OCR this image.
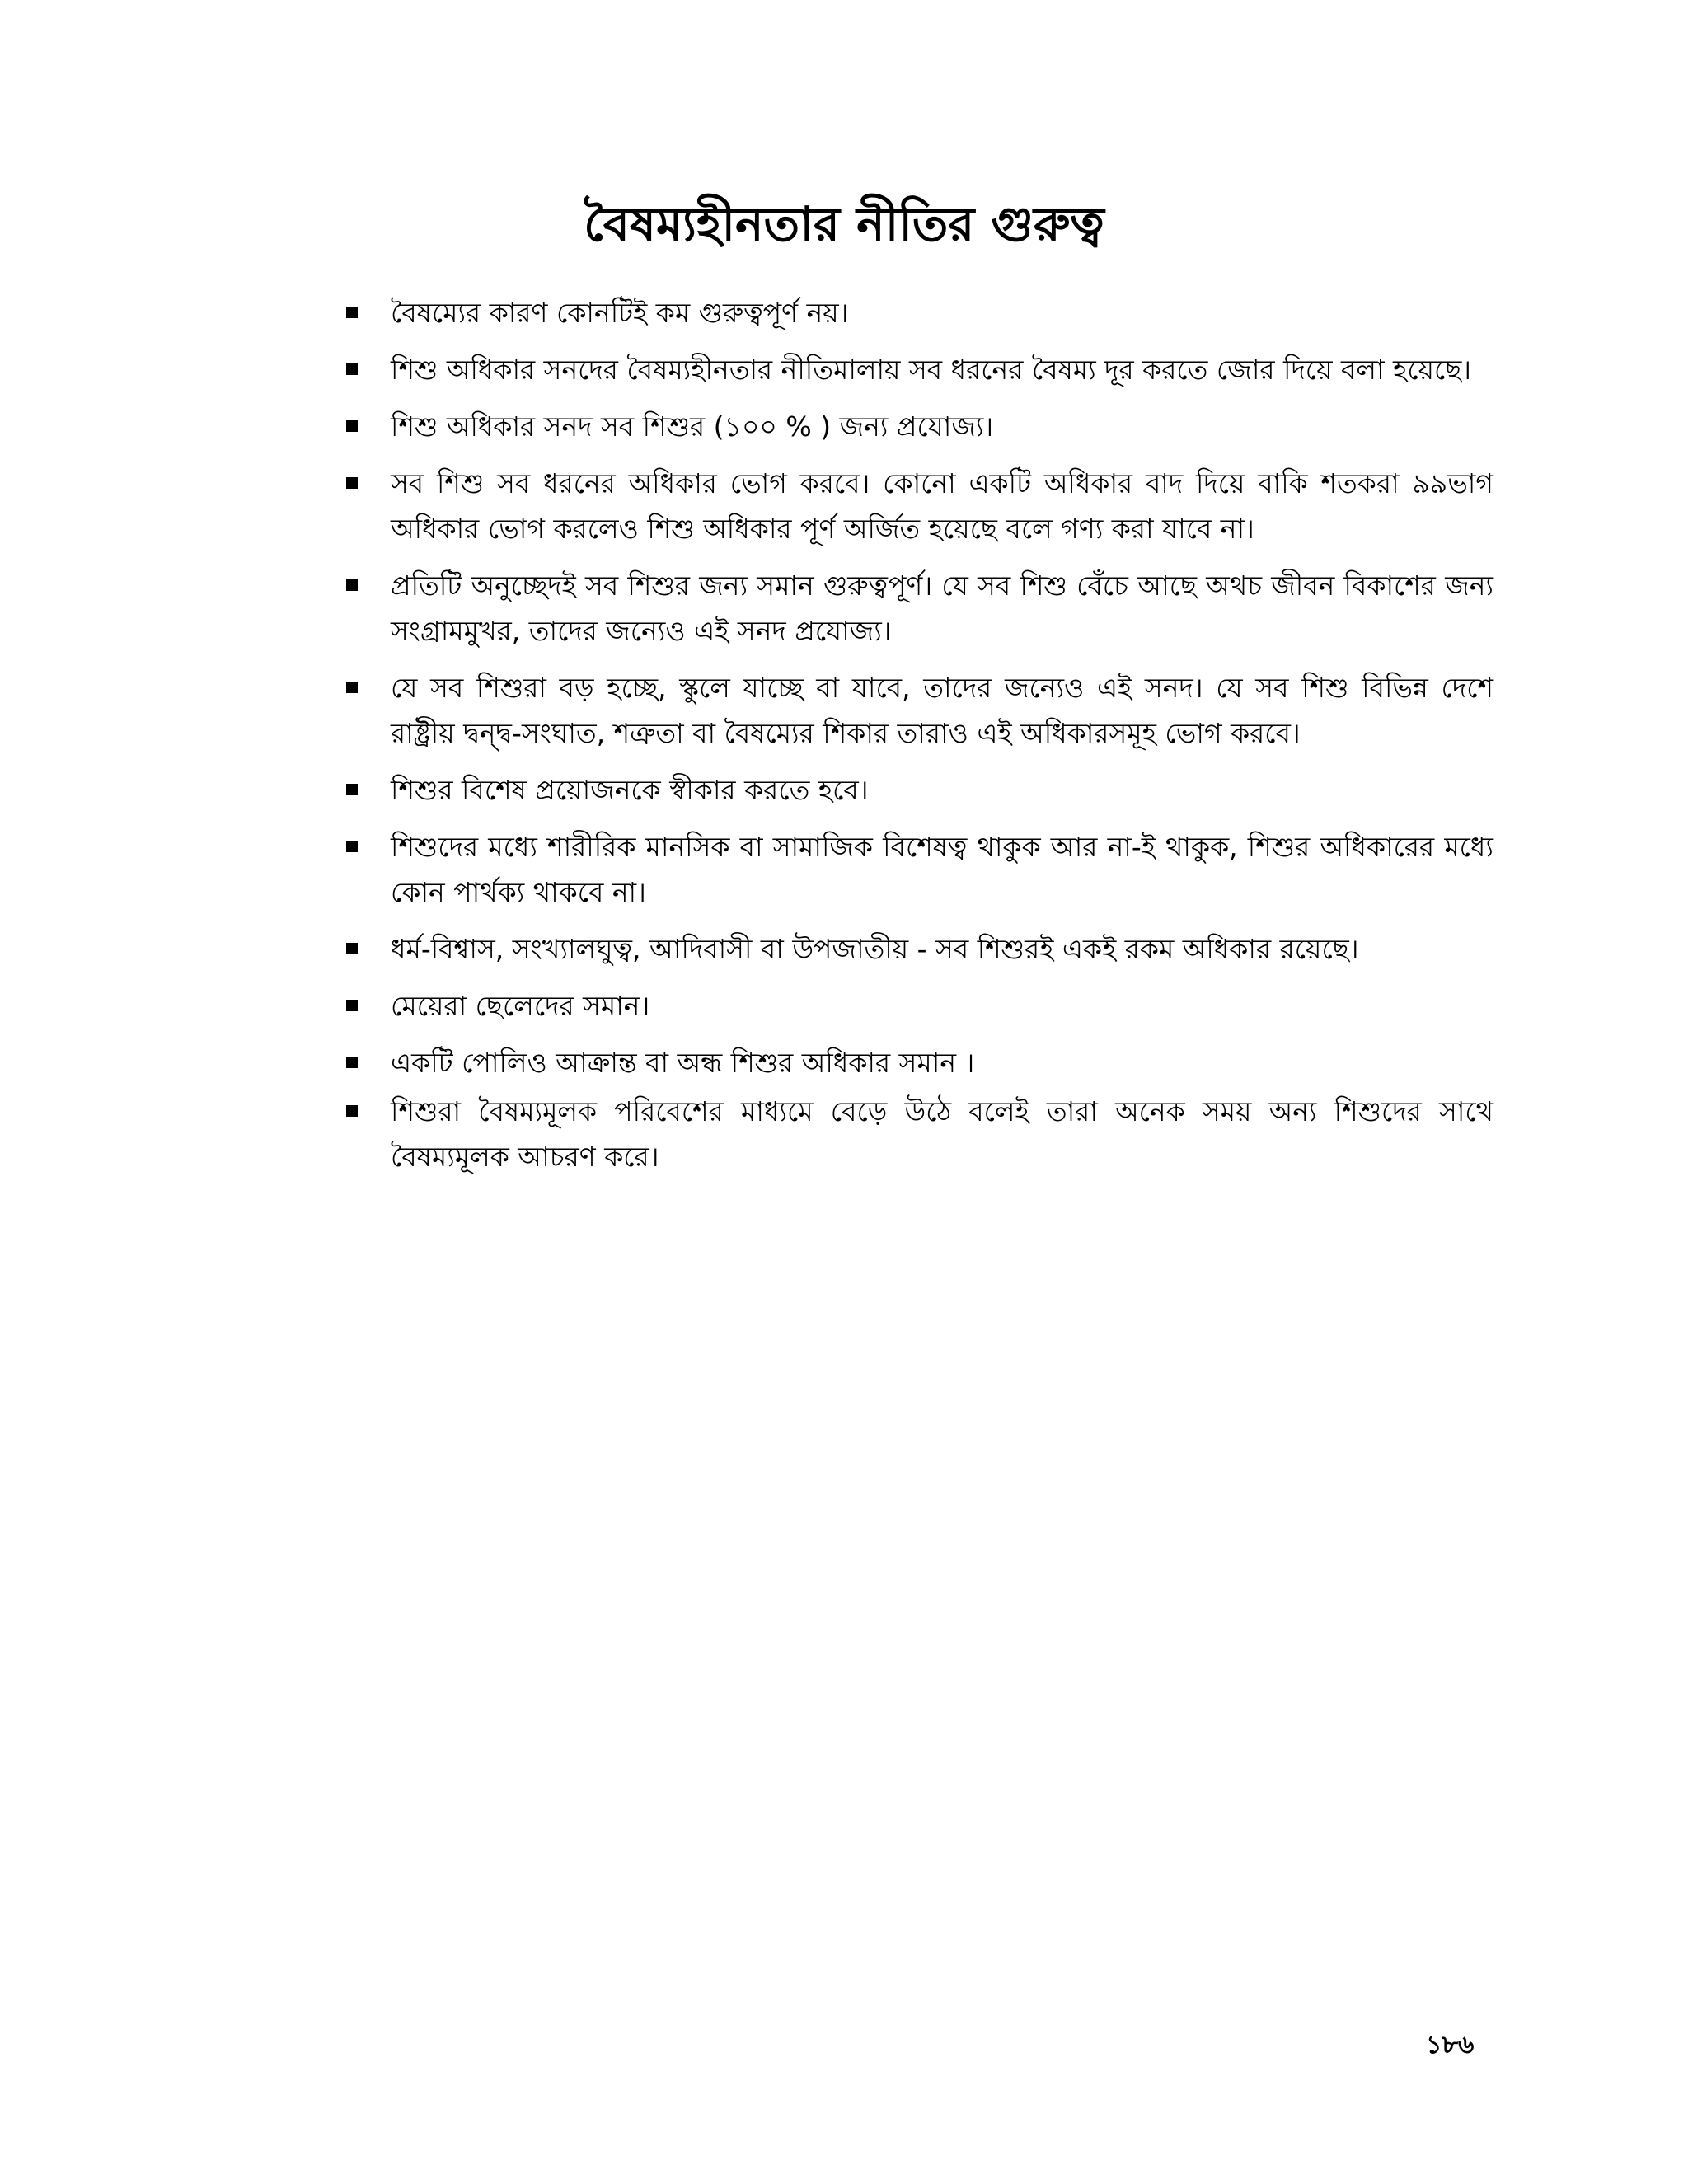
বৈষম্যহীনতার নীতির গুরুত্ব
বৈষম্যের কারণ কোনটিই কম গুরুত্বপূর্ণ নয়।
শিশু অধিকার সনদের বৈষম্যহীনতার নীতিমালায় সব ধরনের বৈষম্য দূর করতে জোর দিয়ে বলা হয়েছে।
শিশু অধিকার সনদ সব শিশুর (১০০ % ) জন্য প্রযোজ্য।
সব শিশু সব ধরনের অধিকার ভোগ করবে। কোনো একটি অধিকার বাদ দিয়ে বাকি শতকরা ৯৯ভাগ অধিকার ভোগ করলেও শিশু অধিকার পূর্ণ অর্জিত হয়েছে বলে গণ্য করা যাবে না।
প্রতিটি অনুচ্ছেদই সব শিশুর জন্য সমান গুরুত্বপূর্ণ। যে সব শিশু বেঁচে আছে অথচ জীবন বিকাশের জন্য সংগ্রামমুখর, তাদের জন্যেও এই সনদ প্রযোজ্য।
যে সব শিশুরা বড় হচ্ছে, স্কুলে যাচ্ছে বা যাবে, তাদের জন্যেও এই সনদ। যে সব শিশু বিভিন্ন দেশে রাষ্ট্রীয় দ্বন্দ্ব-সংঘাত, শত্রুতা বা বৈষম্যের শিকার তারাও এই অধিকারসমূহ ভোগ করবে।
শিশুর বিশেষ প্রয়োজনকে স্বীকার করতে হবে।
শিশুদের মধ্যে শারীরিক মানসিক বা সামাজিক বিশেষত্ব থাকুক আর না-ই থাকুক, শিশুর অধিকারের মধ্যে কোন পার্থক্য থাকবে না।
ধর্ম-বিশ্বাস, সংখ্যালঘুত্ব, আদিবাসী বা উপজাতীয় - সব শিশুরই একই রকম অধিকার রয়েছে।
মেয়েরা ছেলেদের সমান।
একটি পোলিও আক্রান্ত বা অন্ধ শিশুর অধিকার সমান ।
শিশুরা বৈষম্যমূলক পরিবেশের মাধ্যমে বেড়ে উঠে বলেই তারা অনেক সময় অন্য শিশুদের সাথে বৈষম্যমূলক আচরণ করে।
১৮৬
